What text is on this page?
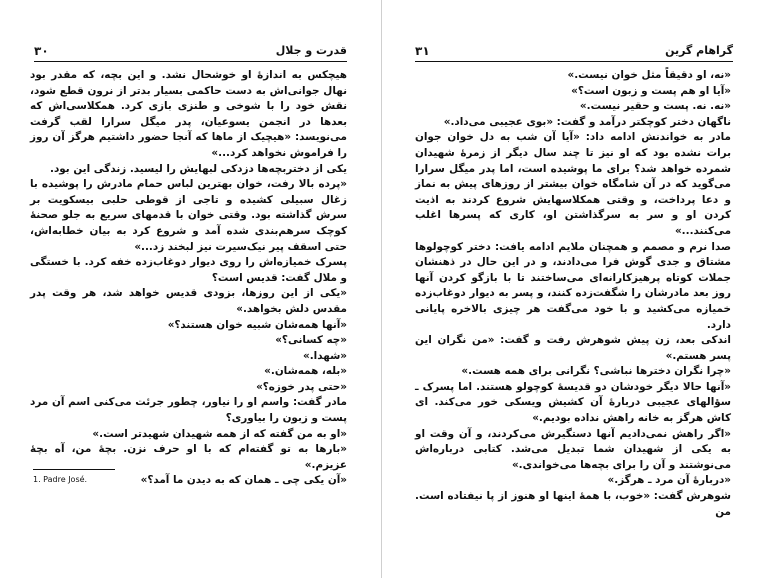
۳۰	قدرت و جلال

هیچکس به اندازهٔ او خوشحال نشد. و این بچه، که مقدر بود نهال جوانی‌اش به دست حاکمی بسیار بدتر از نرون قطع شود، نقش خود را با شوخی و طنزی بازی کرد. همکلاسی‌اش که بعدها در انجمن یسوعیان، پدر میگل سرارا لقب گرفت می‌نویسد: «هیچیک از ماها که آنجا حضور داشتیم هرگز آن روز را فراموش نخواهد کرد...»

یکی از دختربچه‌ها دزدکی لبهایش را لیسید. زندگی این بود.

«پرده بالا رفت، خوان بهترین لباس حمام مادرش را پوشیده با زغال سبیلی کشیده و تاجی از قوطی حلبی بیسکویت بر سرش گذاشته بود. وقتی خوان با قدمهای سریع به جلو صحنهٔ کوچک سرهم‌بندی شده آمد و شروع کرد به بیان خطابه‌اش، حتی اسقف پیر نیک‌سیرت نیز لبخند زد...»

پسرک خمیازه‌اش را روی دیوار دوغاب‌زده خفه کرد. با خستگی و ملال گفت: قدیس است؟

«یکی از این روزها، بزودی قدیس خواهد شد، هر وقت پدر مقدس دلش بخواهد.»

«آنها همه‌شان شبیه خوان هستند؟»

«چه کسانی؟»

«شهدا.»

«بله، همه‌شان.»

«حتی پدر خوزه؟»

مادر گفت: واسم او را نیاور، چطور جرئت می‌کنی اسم آن مرد پست و زبون را بیاوری؟

«او به من گفته که از همه شهیدان شهیدتر است.»

«بارها به تو گفته‌ام که با او حرف نزن. بچهٔ من، آه بچهٔ عزیزم.»

«آن یکی چی ـ همان که به دیدن ما آمد؟»

1. Padre José.
۳۱	گراهام گرین

«نه، او دقیقاً مثل خوان نیست.»

«آیا او هم پست و زبون است؟»

«نه. نه. پست و حقیر نیست.»

ناگهان دختر کوچکتر درآمد و گفت: «بوی عجیبی می‌داد.»

مادر به خواندنش ادامه داد: «آیا آن شب به دل خوان جوان برات نشده بود که او نیز تا چند سال دیگر از زمرهٔ شهیدان شمرده خواهد شد؟ برای ما پوشیده است، اما پدر میگل سرارا می‌گوید که در آن شامگاه خوان بیشتر از روزهای پیش به نماز و دعا پرداخت، و وقتی همکلاسهایش شروع کردند به اذیت کردن او و سر به سرگذاشتن او، کاری که پسرها اغلب می‌کنند...»

صدا نرم و مصمم و همچنان ملایم ادامه یافت: دختر کوچولوها مشتاق و جدی گوش فرا می‌دادند، و در این حال در ذهنشان جملات کوتاه پرهیزکارانه‌ای می‌ساختند تا با بازگو کردن آنها روز بعد مادرشان را شگفت‌زده کنند، و پسر به دیوار دوغاب‌زده خمیازه می‌کشید و با خود می‌گفت هر چیزی بالاخره پایانی دارد.

اندکی بعد، زن پیش شوهرش رفت و گفت: «من نگران این پسر هستم.»

«چرا نگران دخترها نباشی؟ نگرانی برای همه هست.»

«آنها حالا دیگر خودشان دو قدیسهٔ کوچولو هستند. اما پسرک ـ سؤالهای عجیبی دربارهٔ آن کشیش ویسکی خور می‌کند. ای کاش هرگز به خانه راهش نداده بودیم.»

«اگر راهش نمی‌دادیم آنها دستگیرش می‌کردند، و آن وقت او به یکی از شهیدان شما تبدیل می‌شد. کتابی درباره‌اش می‌نوشتند و آن را برای بچه‌ها می‌خواندی.»

«دربارهٔ آن مرد ـ هرگز.»

شوهرش گفت: «خوب، با همهٔ اینها او هنوز از پا نیفتاده است. من
